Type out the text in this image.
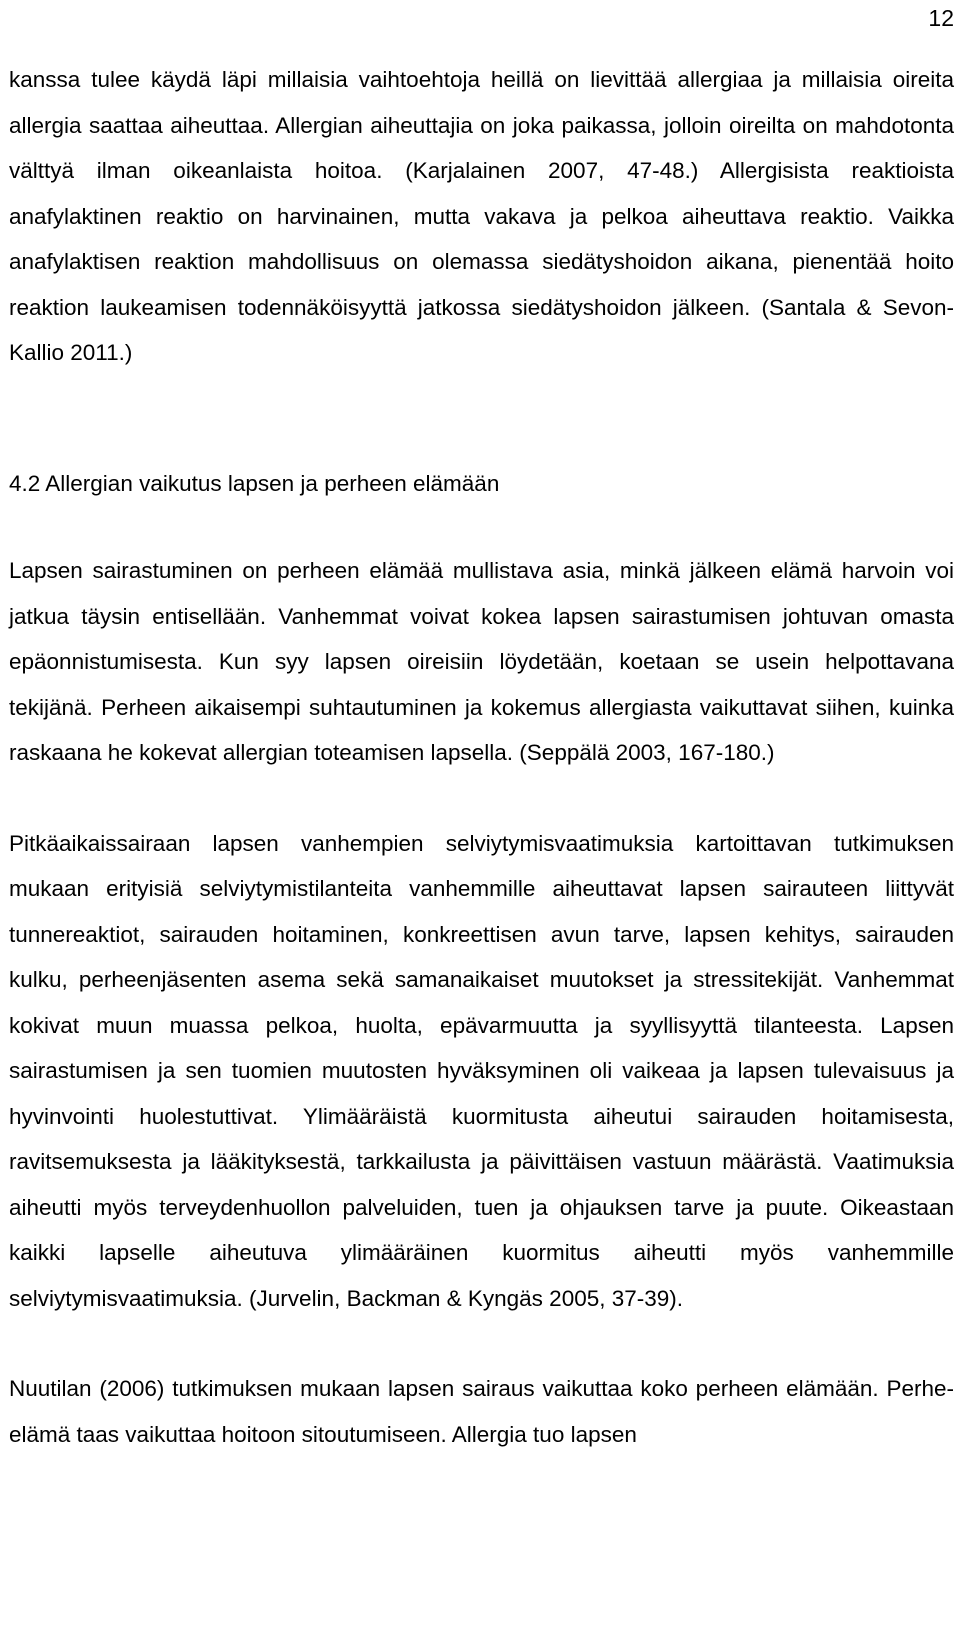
12

kanssa tulee käydä läpi millaisia vaihtoehtoja heillä on lievittää allergiaa ja millaisia oireita allergia saattaa aiheuttaa. Allergian aiheuttajia on joka paikassa, jolloin oireilta on mahdotonta välttyä ilman oikeanlaista hoitoa. (Karjalainen 2007, 47-48.) Allergisista reaktioista anafylaktinen reaktio on harvinainen, mutta vakava ja pelkoa aiheuttava reaktio. Vaikka anafylaktisen reaktion mahdollisuus on olemassa siedätyshoidon aikana, pienentää hoito reaktion laukeamisen todennäköisyyttä jatkossa siedätyshoidon jälkeen. (Santala & Sevon-Kallio 2011.)

4.2 Allergian vaikutus lapsen ja perheen elämään

Lapsen sairastuminen on perheen elämää mullistava asia, minkä jälkeen elämä harvoin voi jatkua täysin entisellään. Vanhemmat voivat kokea lapsen sairastumisen johtuvan omasta epäonnistumisesta. Kun syy lapsen oireisiin löydetään, koetaan se usein helpottavana tekijänä. Perheen aikaisempi suhtautuminen ja kokemus allergiasta vaikuttavat siihen, kuinka raskaana he kokevat allergian toteamisen lapsella. (Seppälä 2003, 167-180.)

Pitkäaikaissairaan lapsen vanhempien selviytymisvaatimuksia kartoittavan tutkimuksen mukaan erityisiä selviytymistilanteita vanhemmille aiheuttavat lapsen sairauteen liittyvät tunnereaktiot, sairauden hoitaminen, konkreettisen avun tarve, lapsen kehitys, sairauden kulku, perheenjäsenten asema sekä samanaikaiset muutokset ja stressitekijät. Vanhemmat kokivat muun muassa pelkoa, huolta, epävarmuutta ja syyllisyyttä tilanteesta. Lapsen sairastumisen ja sen tuomien muutosten hyväksyminen oli vaikeaa ja lapsen tulevaisuus ja hyvinvointi huolestuttivat. Ylimääräistä kuormitusta aiheutui sairauden hoitamisesta, ravitsemuksesta ja lääkityksestä, tarkkailusta ja päivittäisen vastuun määrästä. Vaatimuksia aiheutti myös terveydenhuollon palveluiden, tuen ja ohjauksen tarve ja puute. Oikeastaan kaikki lapselle aiheutuva ylimääräinen kuormitus aiheutti myös vanhemmille selviytymisvaatimuksia. (Jurvelin, Backman & Kyngäs 2005, 37-39).

Nuutilan (2006) tutkimuksen mukaan lapsen sairaus vaikuttaa koko perheen elämään. Perhe-elämä taas vaikuttaa hoitoon sitoutumiseen. Allergia tuo lapsen
